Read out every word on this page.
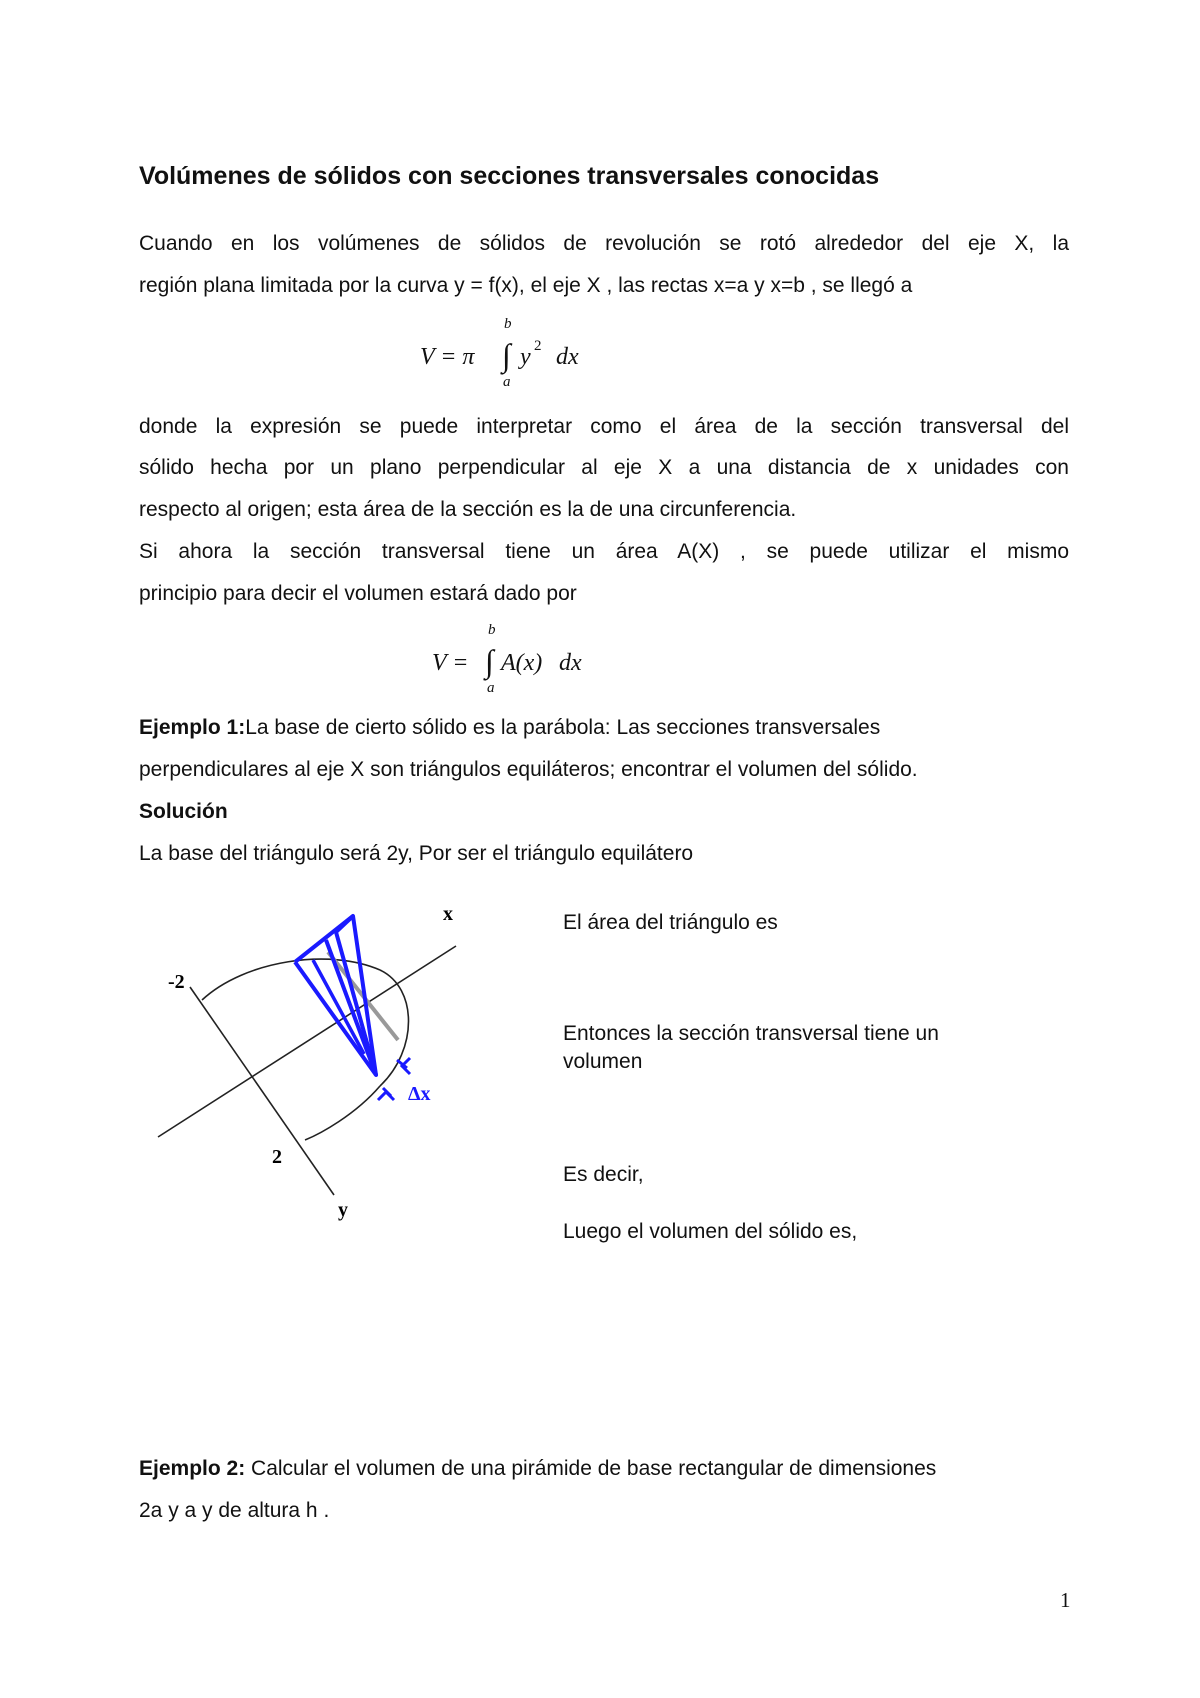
Volúmenes de sólidos con secciones transversales conocidas
Cuando en los volúmenes de sólidos de revolución se rotó alrededor del eje X, la
región plana limitada por la curva y = f(x), el eje X , las rectas x=a y x=b , se llegó a
V = π ∫
b
a
y 2 dx
donde la expresión se puede interpretar como el área de la sección transversal del
sólido hecha por un plano perpendicular al eje X a una distancia de x unidades con
respecto al origen; esta área de la sección es la de una circunferencia.
Si ahora la sección transversal tiene un área A(X) , se puede utilizar el mismo
principio para decir el volumen estará dado por
V = ∫
b
a
A(x) dx
Ejemplo 1:La base de cierto sólido es la parábola: Las secciones transversales
perpendiculares al eje X son triángulos equiláteros; encontrar el volumen del sólido.
Solución
La base del triángulo será 2y, Por ser el triángulo equilátero
x
-2
2
y
Δx
El área del triángulo es
Entonces la sección transversal tiene un
volumen
Es decir,
Luego el volumen del sólido es,
Ejemplo 2: Calcular el volumen de una pirámide de base rectangular de dimensiones
2a y a y de altura h .
1
